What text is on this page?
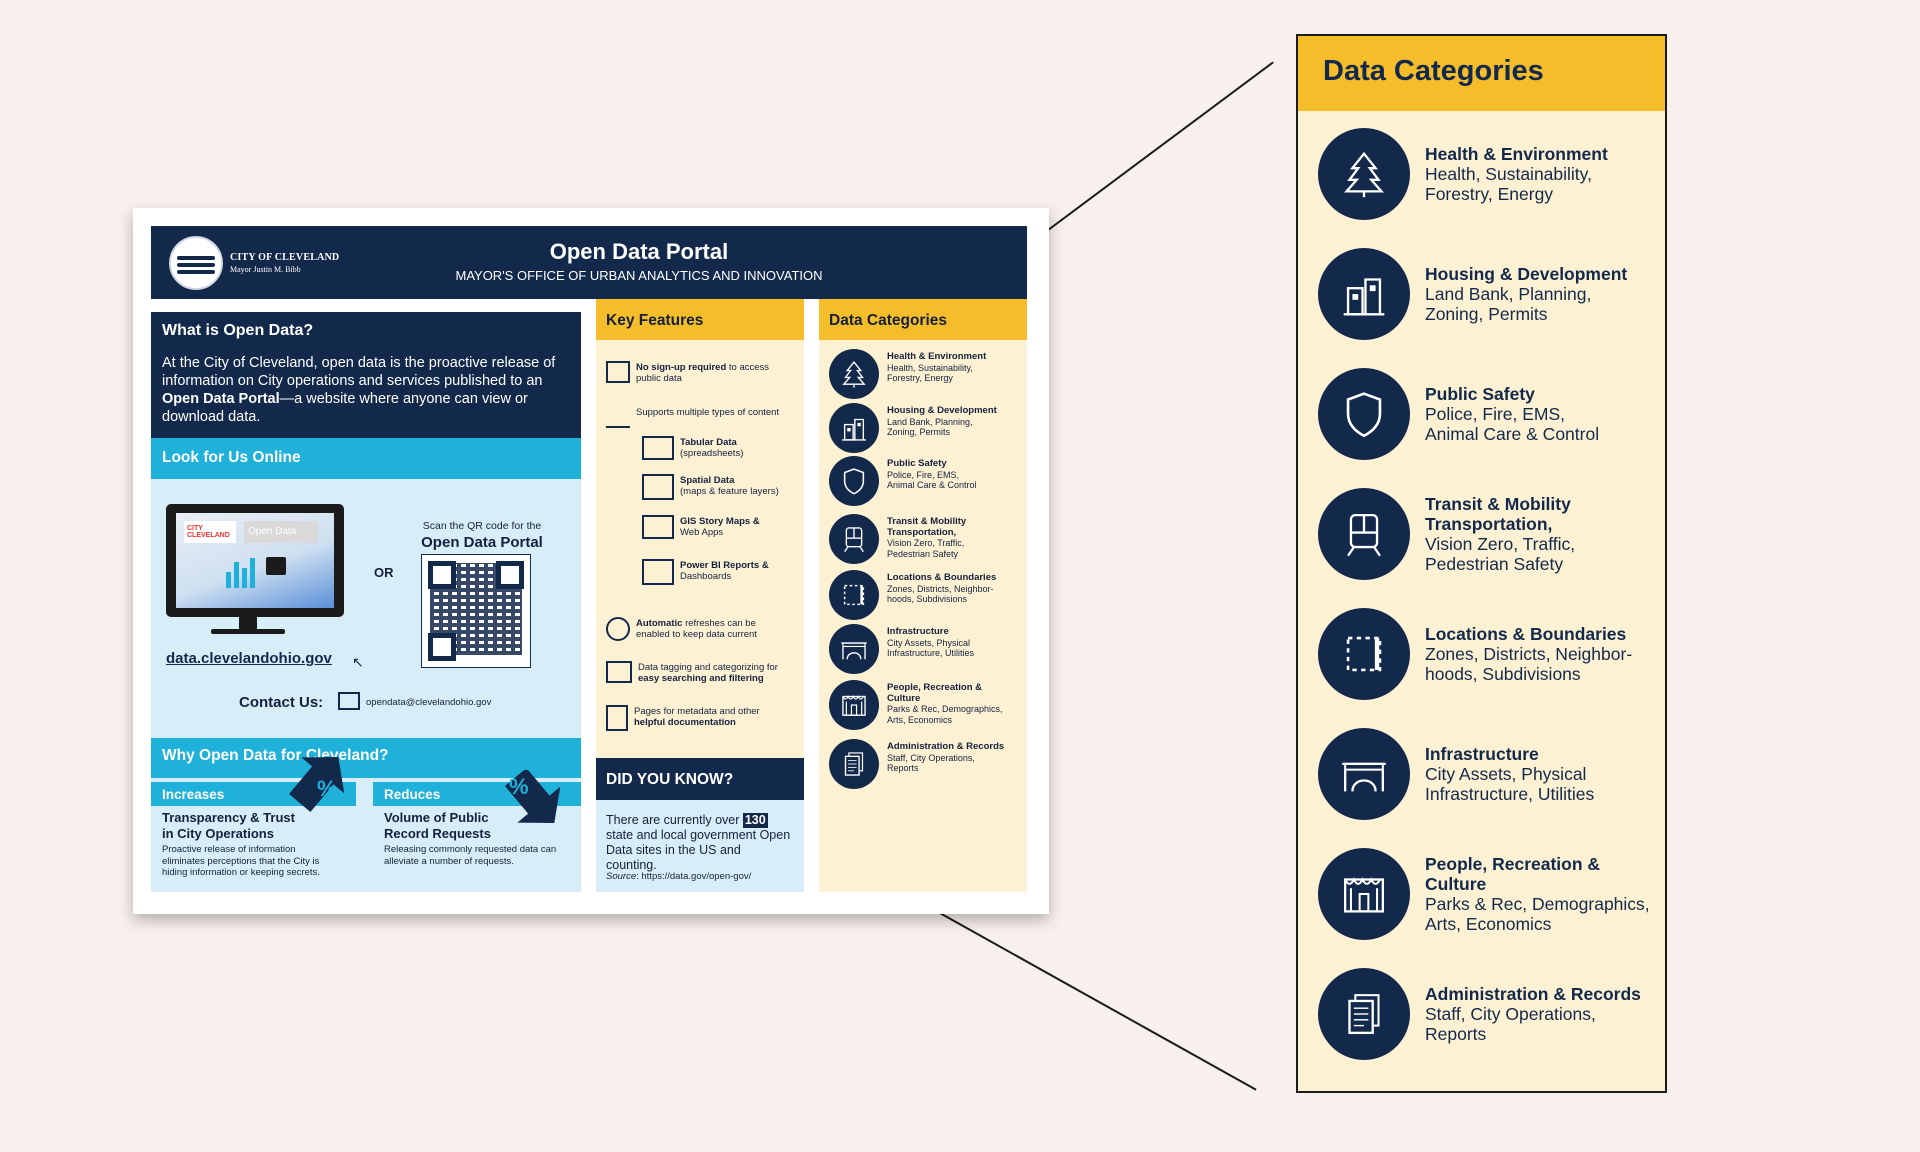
CITY OF CLEVELAND
Mayor Justin M. Bibb
Open Data Portal
MAYOR'S OFFICE OF URBAN ANALYTICS AND INNOVATION
What is Open Data?

At the City of Cleveland, open data is the proactive release of information on City operations and services published to an Open Data Portal—a website where anyone can view or download data.

Look for Us Online
CITY CLEVELAND	Open Data
data.clevelandohio.gov ↖
OR
Scan the QR code for the
Open Data Portal
Contact Us:	opendata@clevelandohio.gov
Why Open Data for Cleveland?
Increases	Reduces
%	%
Transparency & Trust
in City Operations
Proactive release of information
eliminates perceptions that the City is
hiding information or keeping secrets.
Volume of Public
Record Requests
Releasing commonly requested data can
alleviate a number of requests.
Key Features
No sign-up required to access
public data
Supports multiple types of content
Tabular Data
(spreadsheets)
Spatial Data
(maps & feature layers)
GIS Story Maps &
Web Apps
Power BI Reports &
Dashboards
Automatic refreshes can be
enabled to keep data current
Data tagging and categorizing for
easy searching and filtering
Pages for metadata and other
helpful documentation
DID YOU KNOW?
There are currently over 130 state and local government Open Data sites in the US and counting.
Source: https://data.gov/open-gov/
Data Categories
Health & Environment
Health, Sustainability,
Forestry, Energy
Housing & Development
Land Bank, Planning,
Zoning, Permits
Public Safety
Police, Fire, EMS,
Animal Care & Control
Transit & Mobility
Transportation,
Vision Zero, Traffic,
Pedestrian Safety
Locations & Boundaries
Zones, Districts, Neighbor-
hoods, Subdivisions
Infrastructure
City Assets, Physical
Infrastructure, Utilities
People, Recreation &
Culture
Parks & Rec, Demographics,
Arts, Economics
Administration & Records
Staff, City Operations,
Reports
Data Categories
Health & Environment
Health, Sustainability,
Forestry, Energy
Housing & Development
Land Bank, Planning,
Zoning, Permits
Public Safety
Police, Fire, EMS,
Animal Care & Control
Transit & Mobility
Transportation,
Vision Zero, Traffic,
Pedestrian Safety
Locations & Boundaries
Zones, Districts, Neighbor-
hoods, Subdivisions
Infrastructure
City Assets, Physical
Infrastructure, Utilities
People, Recreation &
Culture
Parks & Rec, Demographics,
Arts, Economics
Administration & Records
Staff, City Operations,
Reports
